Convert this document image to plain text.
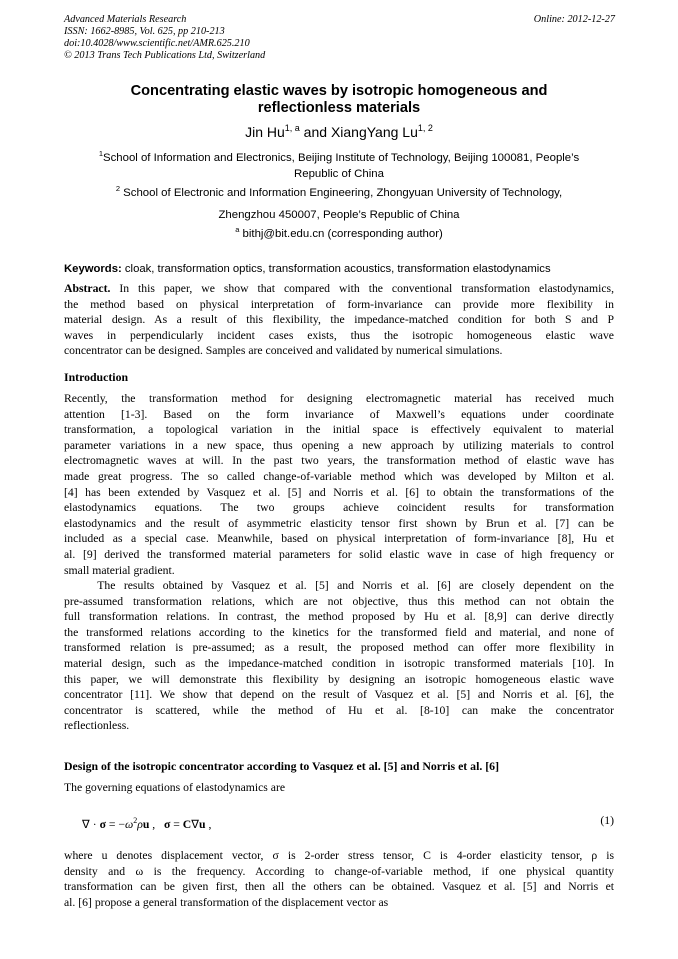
Advanced Materials Research
ISSN: 1662-8985, Vol. 625, pp 210-213
doi:10.4028/www.scientific.net/AMR.625.210
© 2013 Trans Tech Publications Ltd, Switzerland
Online: 2012-12-27
Concentrating elastic waves by isotropic homogeneous and
reflectionless materials
Jin Hu$^{1, a}$ and XiangYang Lu$^{1, 2}$
$^1$School of Information and Electronics, Beijing Institute of Technology, Beijing 100081, People’s
Republic of China
$^2$ School of Electronic and Information Engineering, Zhongyuan University of Technology,
Zhengzhou 450007, People’s Republic of China
$^a$ bithj@bit.edu.cn (corresponding author)
Keywords: cloak, transformation optics, transformation acoustics, transformation elastodynamics
Abstract. In this paper, we show that compared with the conventional transformation elastodynamics,
the method based on physical interpretation of form-invariance can provide more flexibility in
material design. As a result of this flexibility, the impedance-matched condition for both S and P
waves in perpendicularly incident cases exists, thus the isotropic homogeneous elastic wave
concentrator can be designed. Samples are conceived and validated by numerical simulations.
Introduction
Recently, the transformation method for designing electromagnetic material has received much
attention [1-3]. Based on the form invariance of Maxwell’s equations under coordinate
transformation, a topological variation in the initial space is effectively equivalent to material
parameter variations in a new space, thus opening a new approach by utilizing materials to control
electromagnetic waves at will. In the past two years, the transformation method of elastic wave has
made great progress. The so called change-of-variable method which was developed by Milton et al.
[4] has been extended by Vasquez et al. [5] and Norris et al. [6] to obtain the transformations of the
elastodynamics equations. The two groups achieve coincident results for transformation
elastodynamics and the result of asymmetric elasticity tensor first shown by Brun et al. [7] can be
included as a special case. Meanwhile, based on physical interpretation of form-invariance [8], Hu et
al. [9] derived the transformed material parameters for solid elastic wave in case of high frequency or
small material gradient.
The results obtained by Vasquez et al. [5] and Norris et al. [6] are closely dependent on the
pre-assumed transformation relations, which are not objective, thus this method can not obtain the
full transformation relations. In contrast, the method proposed by Hu et al. [8,9] can derive directly
the transformed relations according to the kinetics for the transformed field and material, and none of
transformed relation is pre-assumed; as a result, the proposed method can offer more flexibility in
material design, such as the impedance-matched condition in isotropic transformed materials [10]. In
this paper, we will demonstrate this flexibility by designing an isotropic homogeneous elastic wave
concentrator [11]. We show that depend on the result of Vasquez et al. [5] and Norris et al. [6], the
concentrator is scattered, while the method of Hu et al. [8-10] can make the concentrator
reflectionless.
Design of the isotropic concentrator according to Vasquez et al. [5] and Norris et al. [6]
The governing equations of elastodynamics are
∇ · $\sigma = -\omega^2\rho u$ ,   σ = C∇u ,	(1)
where u denotes displacement vector, σ is 2-order stress tensor, C is 4-order elasticity tensor, ρ is
density and ω is the frequency. According to change-of-variable method, if one physical quantity
transformation can be given first, then all the others can be obtained. Vasquez et al. [5] and Norris et
al. [6] propose a general transformation of the displacement vector as
